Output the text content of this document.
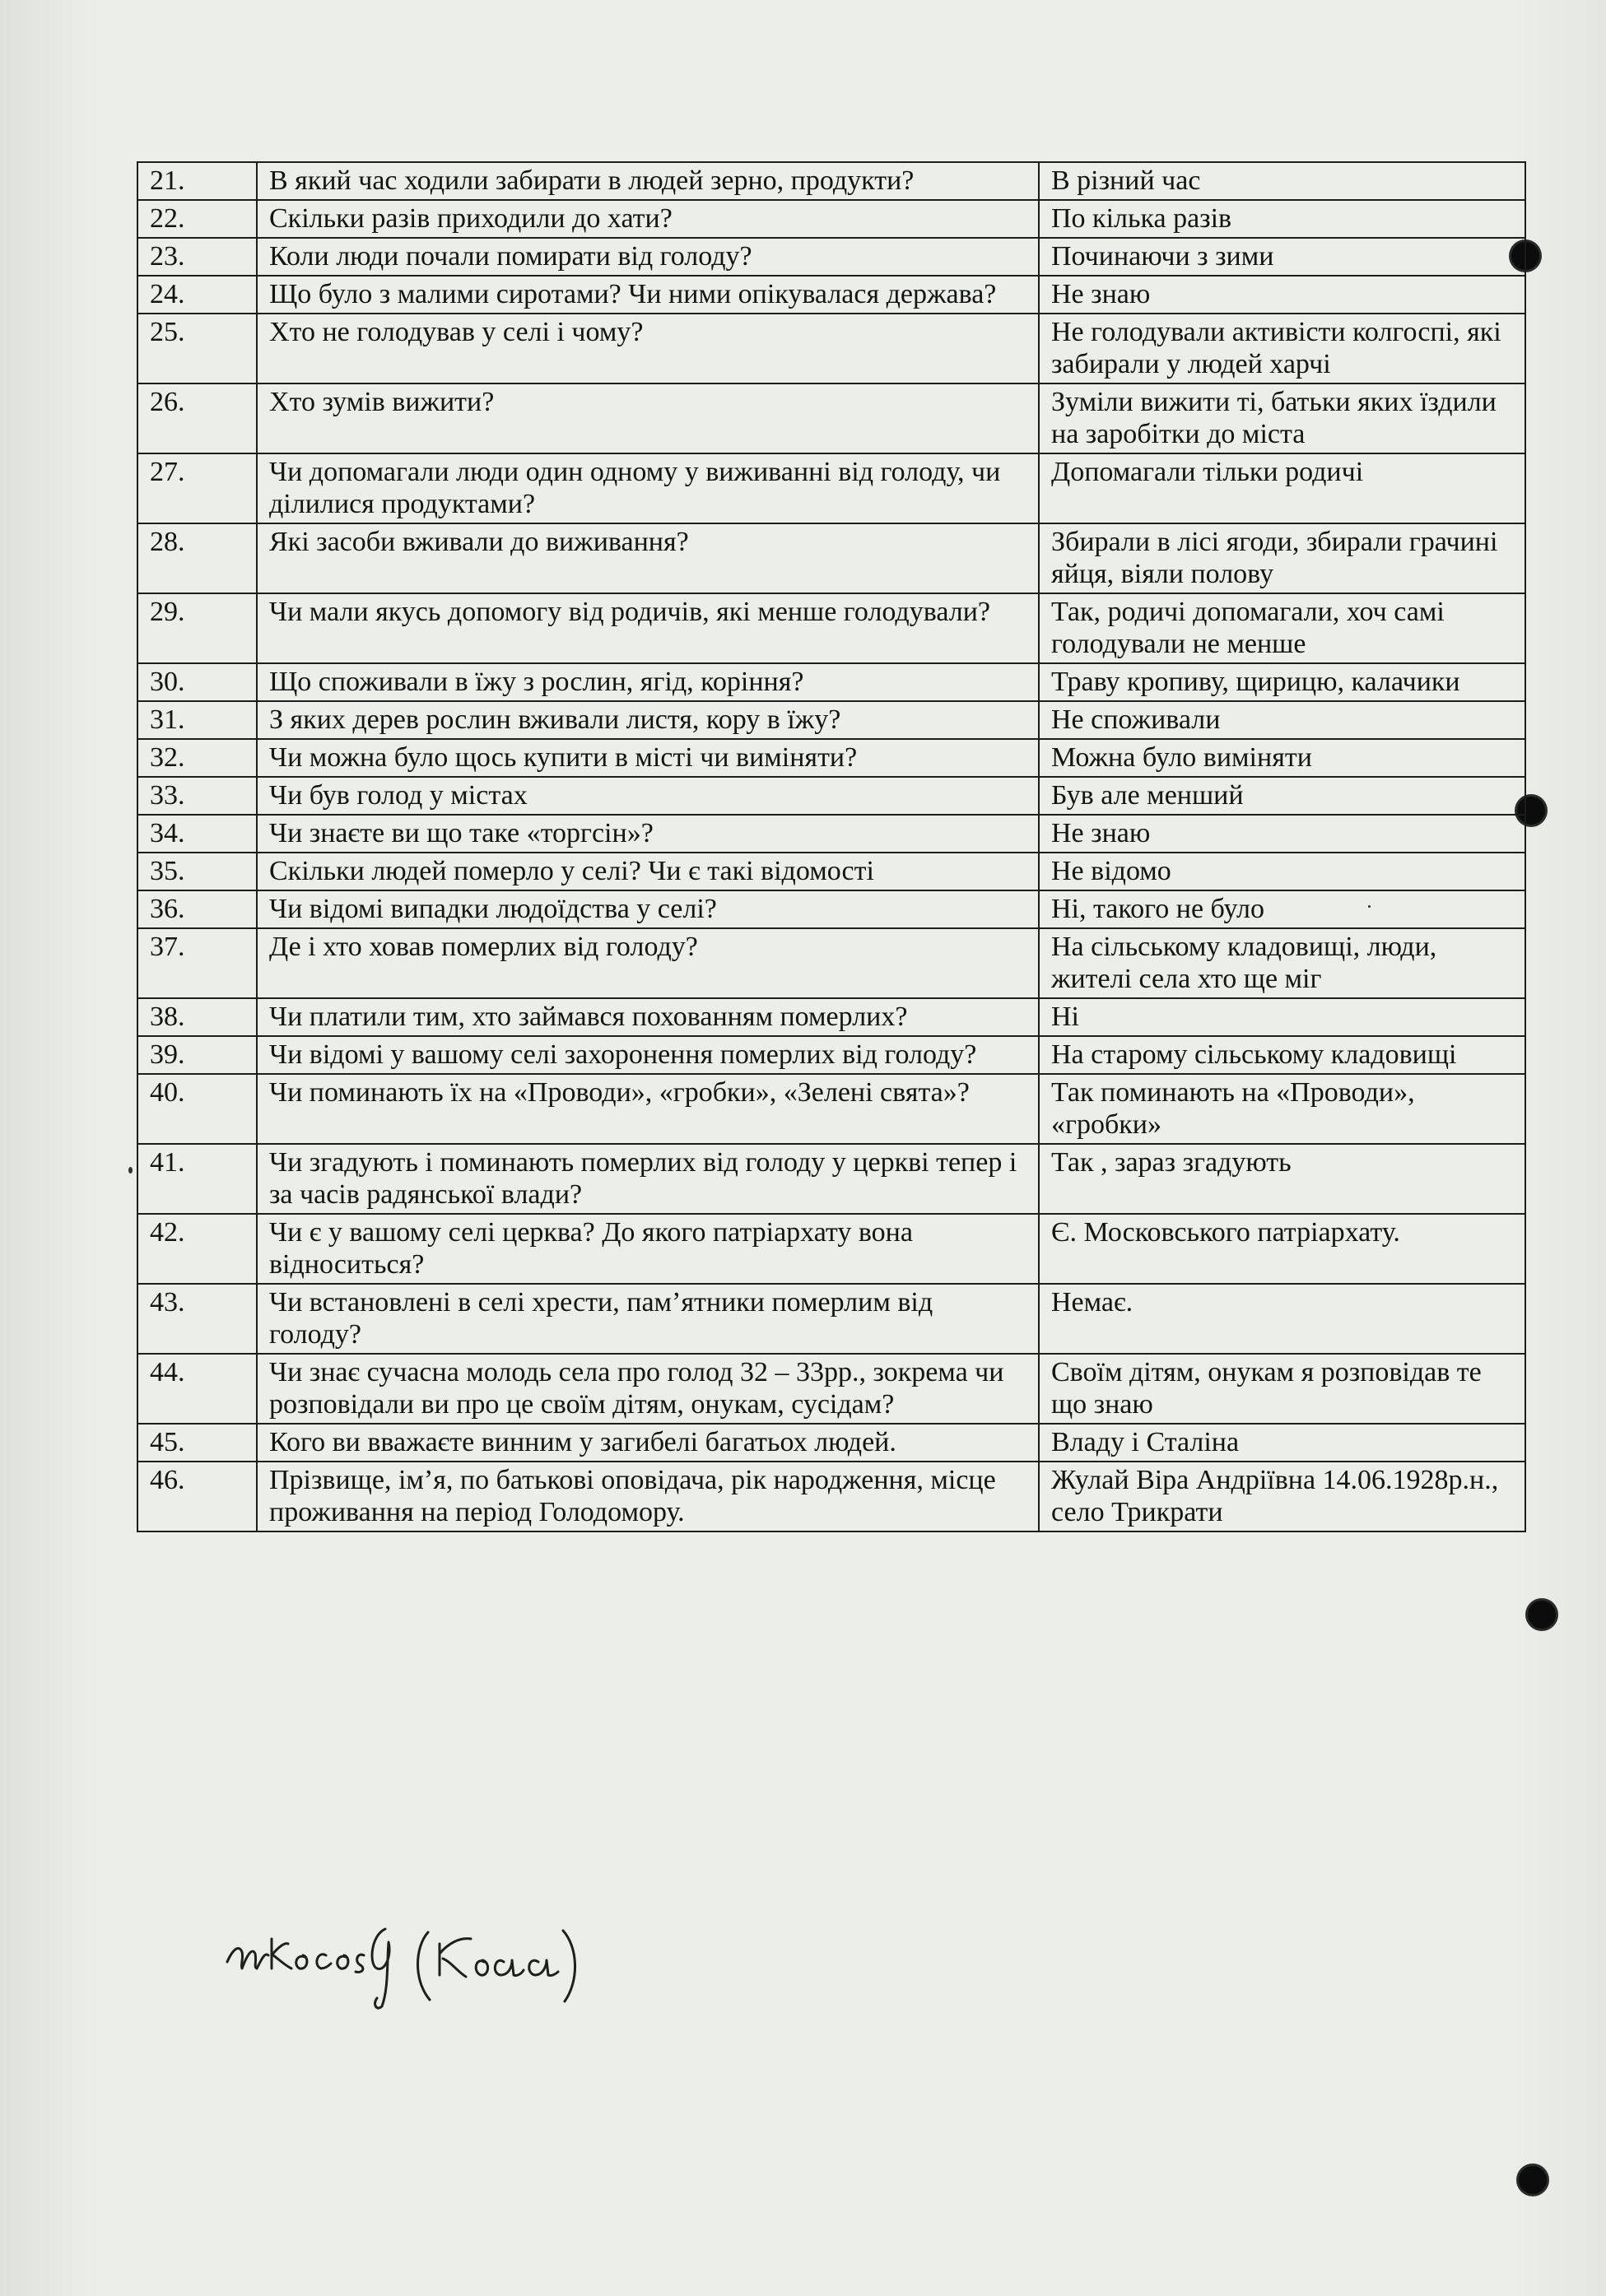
21.	В який час ходили забирати в людей зерно, продукти?	В різний час
22.	Скільки разів приходили до хати?	По кілька разів
23.	Коли люди почали помирати від голоду?	Починаючи з зими
24.	Що було з малими сиротами? Чи ними опікувалася держава?	Не знаю
25.	Хто не голодував у селі і чому?	Не голодували активісти колгоспі, які забирали у людей харчі
26.	Хто зумів вижити?	Зуміли вижити ті, батьки яких їздили на заробітки до міста
27.	Чи допомагали люди один одному у виживанні від голоду, чи ділилися продуктами?	Допомагали тільки родичі
28.	Які засоби вживали до виживання?	Збирали в лісі ягоди, збирали грачині яйця, віяли полову
29.	Чи мали якусь допомогу від родичів, які менше голодували?	Так, родичі допомагали, хоч самі голодували не менше
30.	Що споживали в їжу з рослин, ягід, коріння?	Траву кропиву, щирицю, калачики
31.	З яких дерев рослин вживали листя, кору в їжу?	Не споживали
32.	Чи можна було щось купити в місті чи виміняти?	Можна було виміняти
33.	Чи був голод у містах	Був але менший
34.	Чи знаєте ви що таке «торгсін»?	Не знаю
35.	Скільки людей померло у селі? Чи є такі відомості	Не відомо
36.	Чи відомі випадки людоїдства у селі?	Ні, такого не було
37.	Де і хто ховав померлих від голоду?	На сільському кладовищі, люди, жителі села хто ще міг
38.	Чи платили тим, хто займався похованням померлих?	Ні
39.	Чи відомі у вашому селі захоронення померлих від голоду?	На старому сільському кладовищі
40.	Чи поминають їх на «Проводи», «гробки», «Зелені свята»?	Так поминають на «Проводи», «гробки»
41.	Чи згадують і поминають померлих від голоду у церкві тепер і за часів радянської влади?	Так , зараз згадують
42.	Чи є у вашому селі церква? До якого патріархату вона відноситься?	Є. Московського патріархату.
43.	Чи встановлені в селі хрести, пам’ятники померлим від голоду?	Немає.
44.	Чи знає сучасна молодь села про голод 32 – 33рр., зокрема чи розповідали ви про це своїм дітям, онукам, сусідам?	Своїм дітям, онукам я розповідав те що знаю
45.	Кого ви вважаєте винним у загибелі багатьох людей.	Владу і Сталіна
46.	Прізвище, ім’я, по батькові оповідача, рік народження, місце проживання на період Голодомору.	Жулай Віра Андріївна 14.06.1928р.н., село Трикрати
